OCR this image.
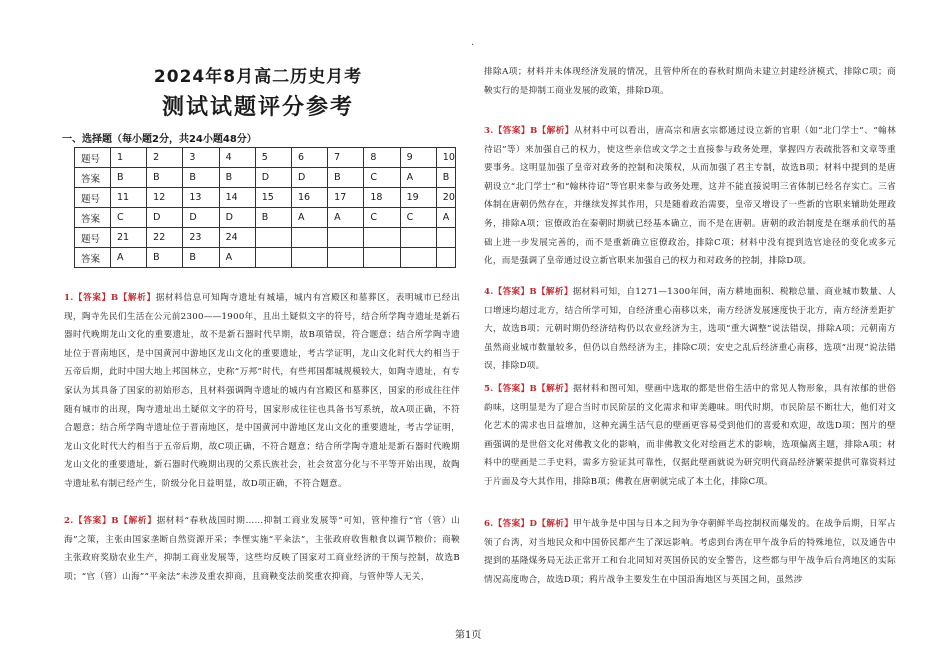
·
2024年8月高二历史月考
测试试题评分参考
一、选择题（每小题2分，共24小题48分）
题号	1	2	3	4	5	6	7	8	9	10
答案	B	B	B	B	D	D	B	C	A	B
题号	11	12	13	14	15	16	17	18	19	20
答案	C	D	D	D	B	A	A	C	C	A
题号	21	22	23	24						
答案	A	B	B	A						
1.【答案】B【解析】据材料信息可知陶寺遗址有城墙，城内有宫殿区和墓葬区，表明城市已经出现，陶寺先民们生活在公元前2300——1900年，且出土疑似文字的符号，结合所学陶寺遗址是新石器时代晚期龙山文化的重要遗址，故不是新石器时代早期，故B项错误，符合题意；结合所学陶寺遗址位于晋南地区，是中国黄河中游地区龙山文化的重要遗址，考古学证明，龙山文化时代大约相当于五帝后期，此时中国大地上邦国林立，史称“万邦”时代，有些邦国都城规模较大，如陶寺遗址，有专家认为其具备了国家的初始形态，且材料强调陶寺遗址的城内有宫殿区和墓葬区，国家的形成往往伴随有城市的出现，陶寺遗址出土疑似文字的符号，国家形成往往也具备书写系统，故A项正确，不符合题意；结合所学陶寺遗址位于晋南地区，是中国黄河中游地区龙山文化的重要遗址，考古学证明，龙山文化时代大约相当于五帝后期，故C项正确，不符合题意；结合所学陶寺遗址是新石器时代晚期龙山文化的重要遗址，新石器时代晚期出现的父系氏族社会，社会贫富分化与不平等开始出现，故陶寺遗址私有制已经产生，阶级分化日益明显，故D项正确，不符合题意。
2.【答案】B【解析】据材料“春秋战国时期……抑制工商业发展等”可知，管仲推行“官（管）山海”之策，主张由国家垄断自然资源开采；李悝实施“平籴法”，主张政府收售粮食以调节粮价；商鞅主张政府奖励农业生产，抑制工商业发展等，这些均反映了国家对工商业经济的干预与控制，故选B项；“官（管）山海”“平籴法”未涉及重农抑商，且商鞅变法前奖重农抑商，与管仲等人无关，
排除A项；材料并未体现经济发展的情况，且管仲所在的春秋时期尚未建立封建经济模式，排除C项；商鞅实行的是抑制工商业发展的政策，排除D项。
3.【答案】B【解析】从材料中可以看出，唐高宗和唐玄宗都通过设立新的官职（如“北门学士”、“翰林待诏”等）来加强自己的权力，使这些亲信或文学之士直接参与政务处理，掌握四方表疏批答和文章等重要事务。这明显加强了皇帝对政务的控制和决策权，从而加强了君主专制，故选B项；材料中提到的是唐朝设立“北门学士”和“翰林待诏”等官职来参与政务处理，这并不能直接说明三省体制已经名存实亡。三省体制在唐朝仍然存在，并继续发挥其作用，只是随着政治需要，皇帝又增设了一些新的官职来辅助处理政务，排除A项；宦僚政治在秦朝时期就已经基本确立，而不是在唐朝。唐朝的政治制度是在继承前代的基础上进一步发展完善的，而不是重新确立宦僚政治，排除C项；材料中没有提到选官途径的变化或多元化，而是强调了皇帝通过设立新官职来加强自己的权力和对政务的控制，排除D项。
4.【答案】B【解析】据材料可知，自1271—1300年间，南方耕地面积、税粮总量、商业城市数量、人口增速均超过北方，结合所学可知，自经济重心南移以来，南方经济发展速度快于北方，南方经济差距扩大，故选B项；元朝时期仍经济结构仍以农业经济为主，选项“重大调整”说法错误，排除A项；元朝南方虽然商业城市数量较多，但仍以自然经济为主，排除C项；安史之乱后经济重心南移，选项“出现”说法错误，排除D项。
5.【答案】B【解析】据材料和图可知，壁画中选取的都是世俗生活中的常见人物形象，具有浓郁的世俗韵味，这明显是为了迎合当时市民阶层的文化需求和审美趣味。明代时期，市民阶层不断壮大，他们对文化艺术的需求也日益增加，这种充满生活气息的壁画更容易受到他们的喜爱和欢迎，故选D项；图片的壁画强调的是世俗文化对佛教文化的影响，而非佛教文化对绘画艺术的影响，选项偏离主题，排除A项；材料中的壁画是二手史料，需多方验证其可靠性，仅据此壁画就说为研究明代商品经济繁荣提供可靠资料过于片面及夸大其作用，排除B项；佛教在唐朝就完成了本土化，排除C项。
6.【答案】D【解析】甲午战争是中国与日本之间为争夺朝鲜半岛控制权而爆发的。在战争后期，日军占领了台湾，对当地民众和中国侨民都产生了深远影响。考虑到台湾在甲午战争后的特殊地位，以及通告中提到的基隆煤务局无法正常开工和台北同知对英国侨民的安全警告，这些都与甲午战争后台湾地区的实际情况高度吻合，故选D项；鸦片战争主要发生在中国沿海地区与英国之间，虽然涉
第1页
